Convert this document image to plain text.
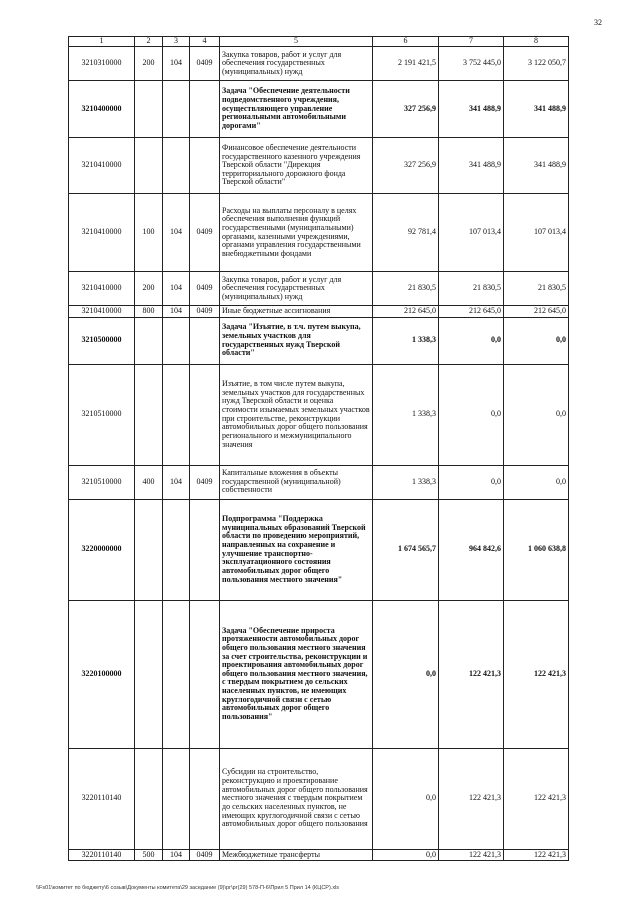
32
1	2	3	4	5	6	7	8
3210310000	200	104	0409	Закупка товаров, работ и услуг для обеспечения государственных (муниципальных) нужд	2 191 421,5	3 752 445,0	3 122 050,7
3210400000				Задача "Обеспечение деятельности подведомственного учреждения, осуществляющего управление региональными автомобильными дорогами"	327 256,9	341 488,9	341 488,9
3210410000				Финансовое обеспечение деятельности государственного казенного учреждения Тверской области "Дирекция территориального дорожного фонда Тверской области"	327 256,9	341 488,9	341 488,9
3210410000	100	104	0409	Расходы на выплаты персоналу в целях обеспечения выполнения функций государственными (муниципальными) органами, казенными учреждениями, органами управления государственными внебюджетными фондами	92 781,4	107 013,4	107 013,4
3210410000	200	104	0409	Закупка товаров, работ и услуг для обеспечения государственных (муниципальных) нужд	21 830,5	21 830,5	21 830,5
3210410000	800	104	0409	Иные бюджетные ассигнования	212 645,0	212 645,0	212 645,0
3210500000				Задача "Изъятие, в т.ч. путем выкупа, земельных участков для государственных нужд Тверской области"	1 338,3	0,0	0,0
3210510000				Изъятие, в том числе путем выкупа, земельных участков для государственных нужд Тверской области и оценка стоимости изымаемых земельных участков при строительстве, реконструкции автомобильных дорог общего пользования регионального и межмуниципального значения	1 338,3	0,0	0,0
3210510000	400	104	0409	Капитальные вложения в объекты государственной (муниципальной) собственности	1 338,3	0,0	0,0
3220000000				Подпрограмма "Поддержка муниципальных образований Тверской области по проведению мероприятий, направленных на сохранение и улучшение транспортно-эксплуатационного состояния автомобильных дорог общего пользования местного значения"	1 674 565,7	964 842,6	1 060 638,8
3220100000				Задача "Обеспечение прироста протяженности автомобильных дорог общего пользования местного значения за счет строительства, реконструкции и проектирования автомобильных дорог общего пользования местного значения, с твердым покрытием до сельских населенных пунктов, не имеющих круглогодичной связи с сетью автомобильных дорог общего пользования"	0,0	122 421,3	122 421,3
3220110140				Субсидии на строительство, реконструкцию и проектирование автомобильных дорог общего пользования местного значения с твердым покрытием до сельских населенных пунктов, не имеющих круглогодичной связи с сетью автомобильных дорог общего пользования	0,0	122 421,3	122 421,3
3220110140	500	104	0409	Межбюджетные трансферты	0,0	122 421,3	122 421,3
\\Fs01\комитет по бюджету\6 созыв\Документы комитета\29 заседание (9)\рг\рг(29) 578-П-6\Прил 5 Прил 14 (КЦСР).xls
